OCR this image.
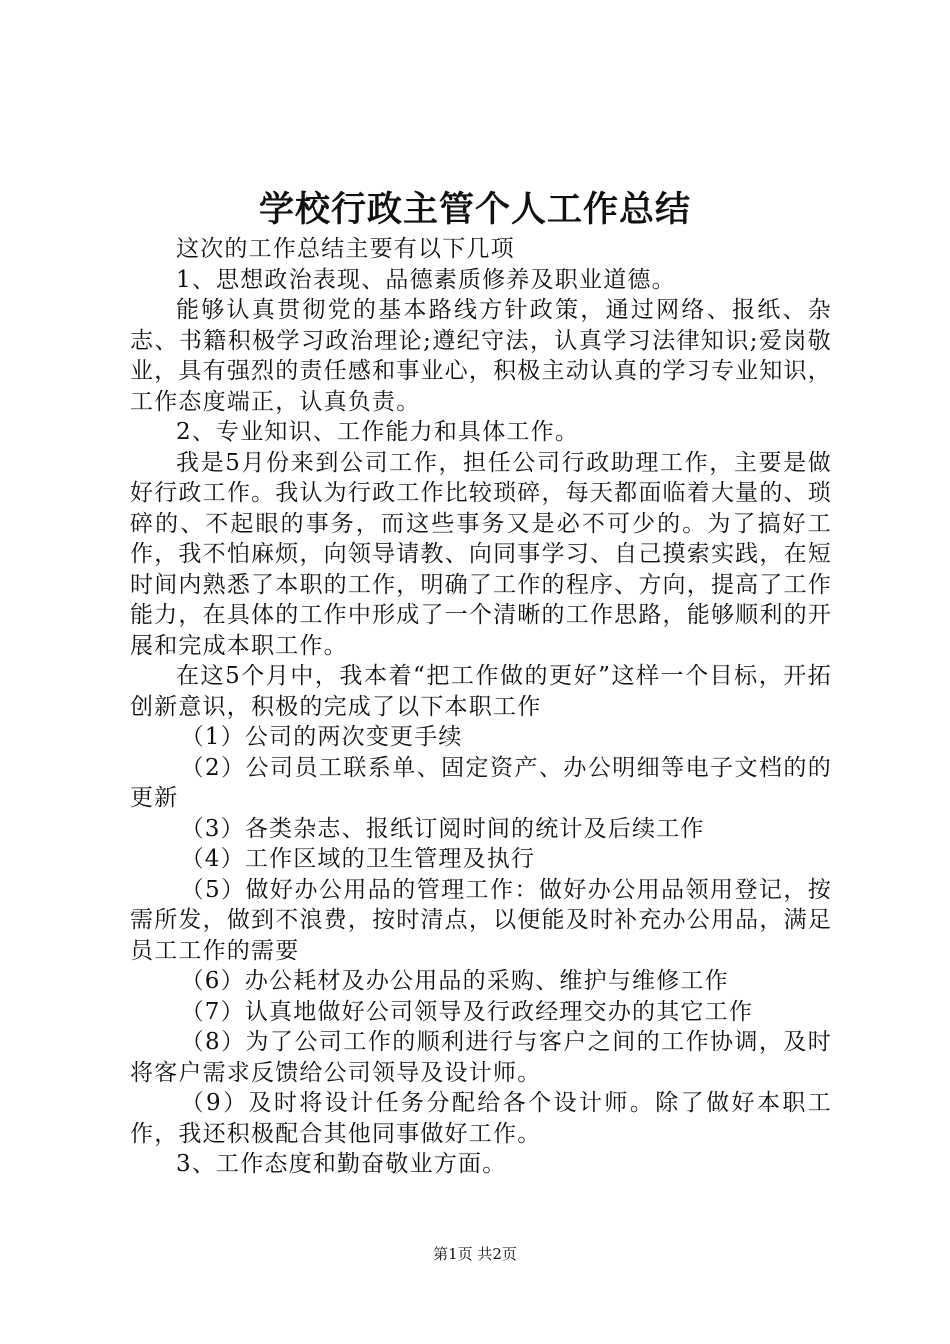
学校行政主管个人工作总结

这次的工作总结主要有以下几项

1、思想政治表现、品德素质修养及职业道德。

能够认真贯彻党的基本路线方针政策，通过网络、报纸、杂志、书籍积极学习政治理论;遵纪守法，认真学习法律知识;爱岗敬业，具有强烈的责任感和事业心，积极主动认真的学习专业知识，工作态度端正，认真负责。

2、专业知识、工作能力和具体工作。

我是5月份来到公司工作，担任公司行政助理工作，主要是做好行政工作。我认为行政工作比较琐碎，每天都面临着大量的、琐碎的、不起眼的事务，而这些事务又是必不可少的。为了搞好工作，我不怕麻烦，向领导请教、向同事学习、自己摸索实践，在短时间内熟悉了本职的工作，明确了工作的程序、方向，提高了工作能力，在具体的工作中形成了一个清晰的工作思路，能够顺利的开展和完成本职工作。

在这5个月中，我本着“把工作做的更好”这样一个目标，开拓创新意识，积极的完成了以下本职工作

（1）公司的两次变更手续

（2）公司员工联系单、固定资产、办公明细等电子文档的的更新

（3）各类杂志、报纸订阅时间的统计及后续工作

（4）工作区域的卫生管理及执行

（5）做好办公用品的管理工作：做好办公用品领用登记，按需所发，做到不浪费，按时清点，以便能及时补充办公用品，满足员工工作的需要

（6）办公耗材及办公用品的采购、维护与维修工作

（7）认真地做好公司领导及行政经理交办的其它工作

（8）为了公司工作的顺利进行与客户之间的工作协调，及时将客户需求反馈给公司领导及设计师。

（9）及时将设计任务分配给各个设计师。除了做好本职工作，我还积极配合其他同事做好工作。

3、工作态度和勤奋敬业方面。

第1页 共2页
